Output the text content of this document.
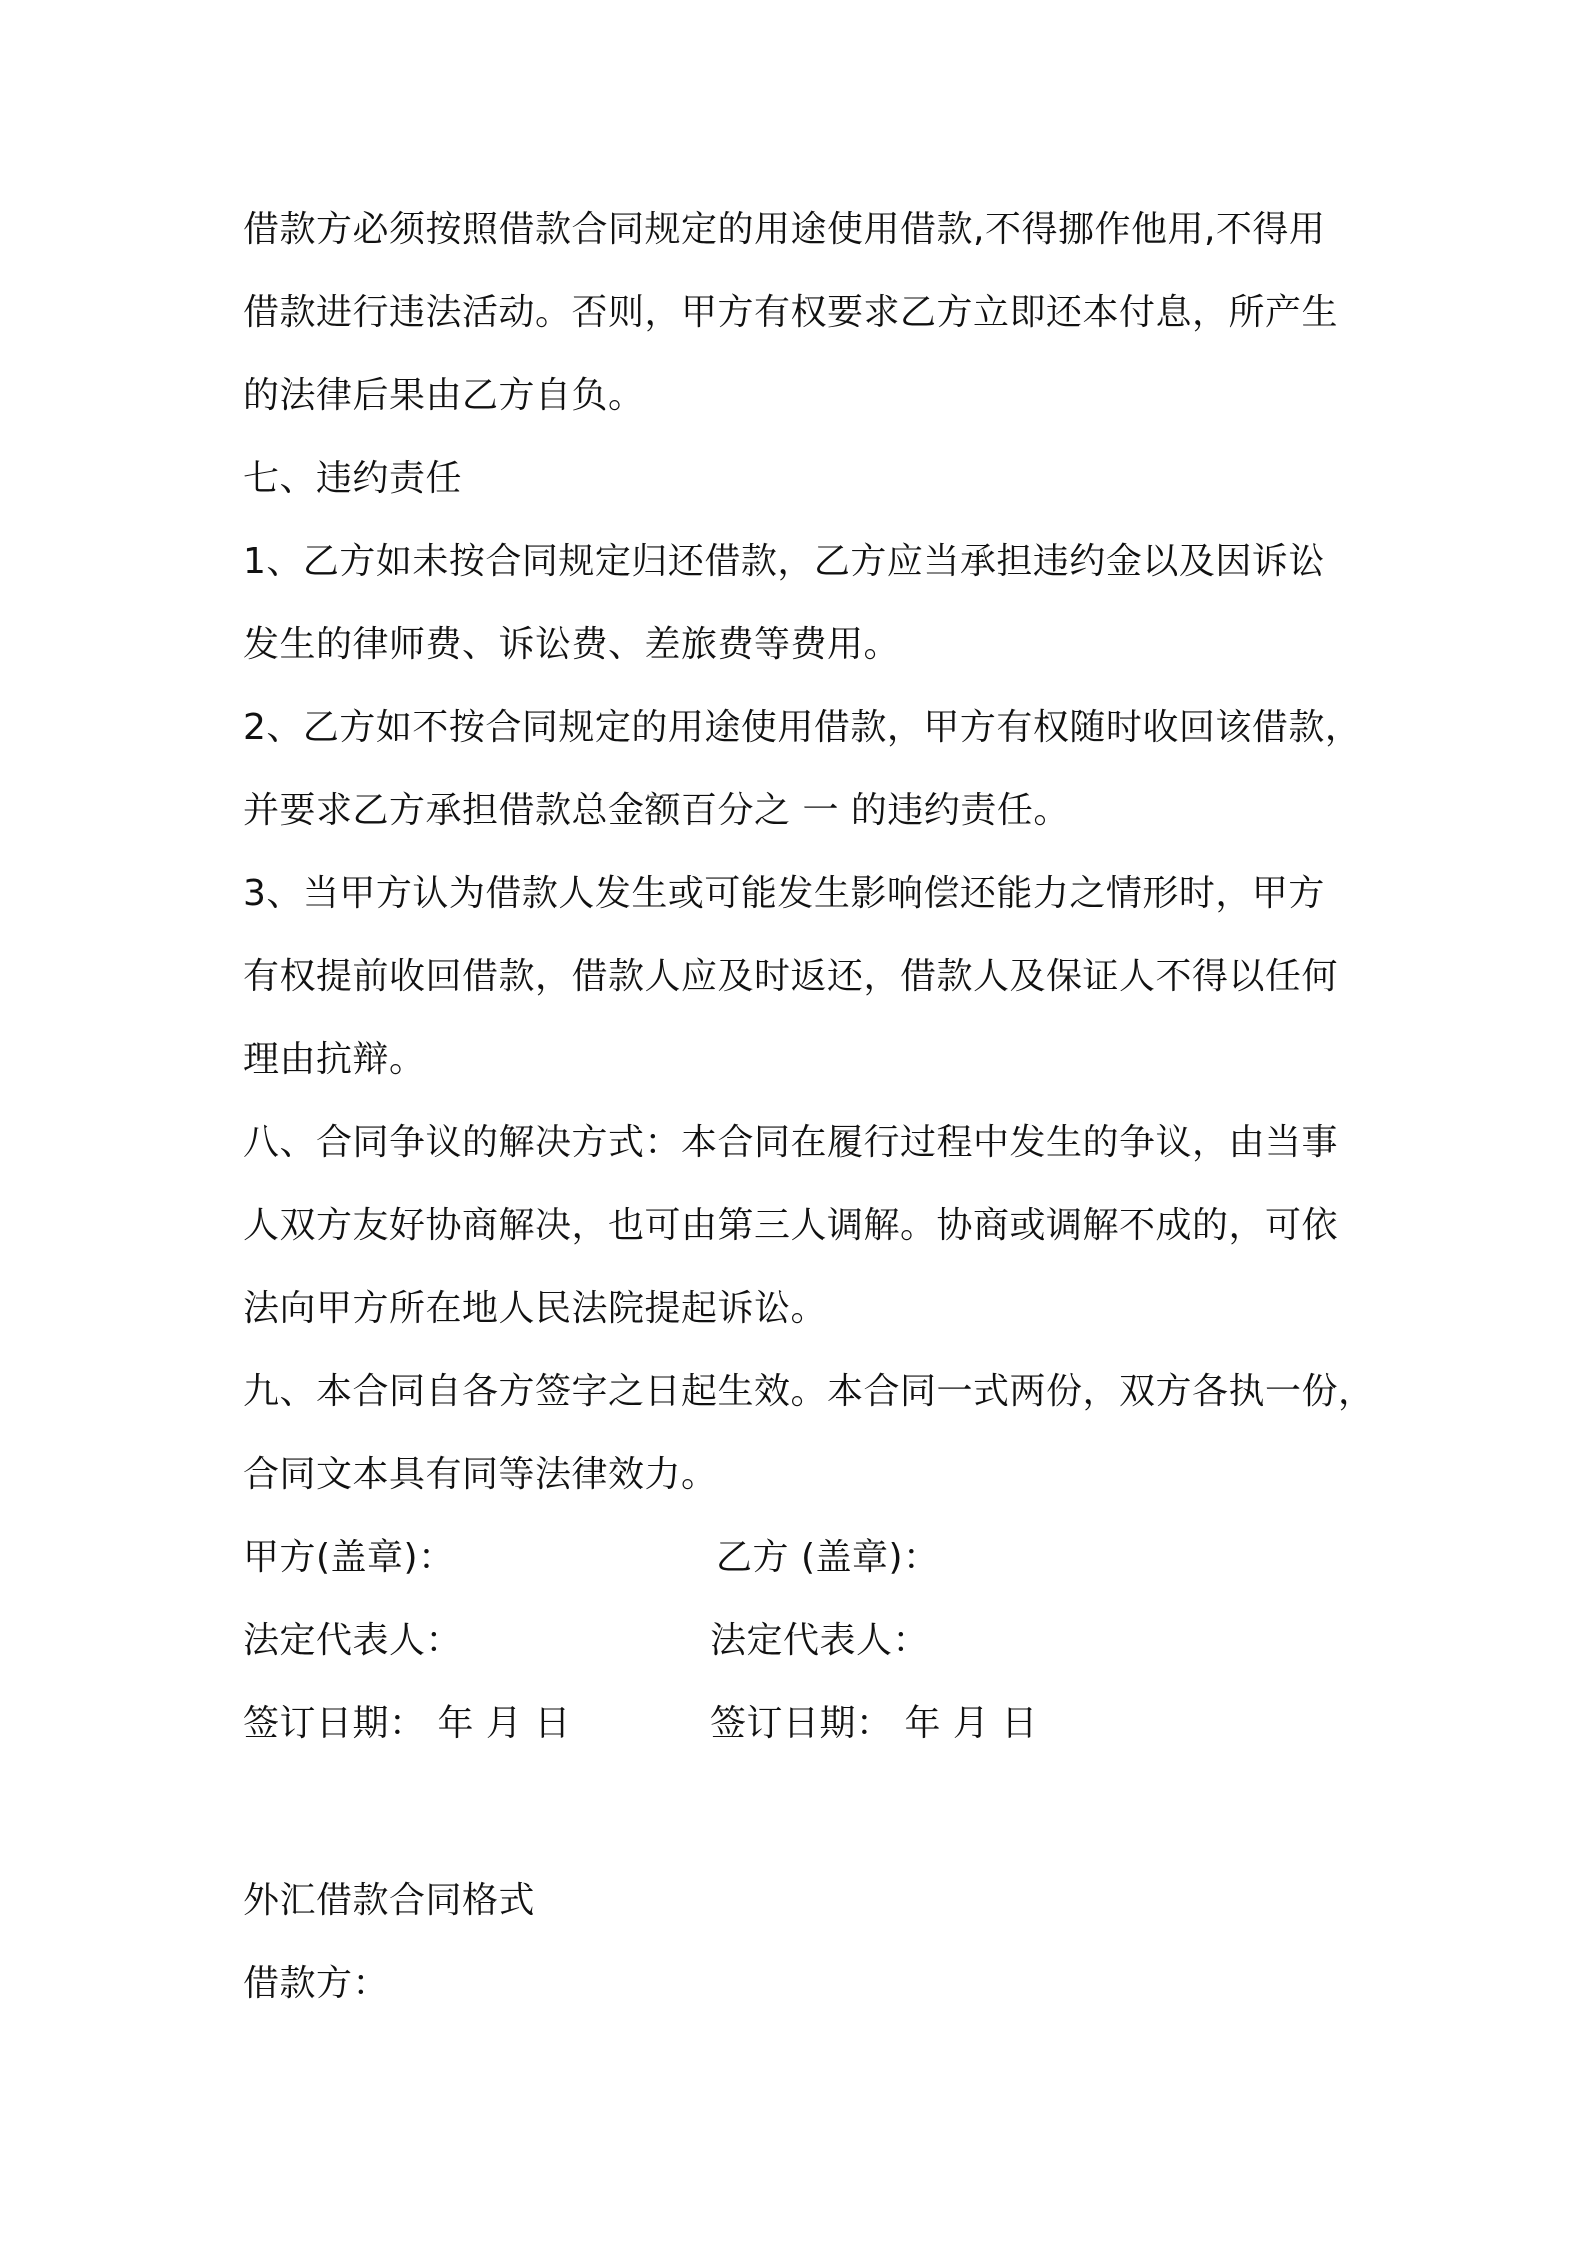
借款方必须按照借款合同规定的用途使用借款,不得挪作他用,不得用
借款进行违法活动。否则，甲方有权要求乙方立即还本付息，所产生
的法律后果由乙方自负。
七、违约责任
1、乙方如未按合同规定归还借款，乙方应当承担违约金以及因诉讼
发生的律师费、诉讼费、差旅费等费用。
2、乙方如不按合同规定的用途使用借款，甲方有权随时收回该借款，
并要求乙方承担借款总金额百分之 一 的违约责任。
3、当甲方认为借款人发生或可能发生影响偿还能力之情形时，甲方
有权提前收回借款，借款人应及时返还，借款人及保证人不得以任何
理由抗辩。
八、合同争议的解决方式：本合同在履行过程中发生的争议，由当事
人双方友好协商解决，也可由第三人调解。协商或调解不成的，可依
法向甲方所在地人民法院提起诉讼。
九、本合同自各方签字之日起生效。本合同一式两份，双方各执一份，
合同文本具有同等法律效力。
甲方(盖章)：	乙方 (盖章)：
法定代表人：	法定代表人：
签订日期： 年 月 日	签订日期： 年 月 日
外汇借款合同格式
借款方：
